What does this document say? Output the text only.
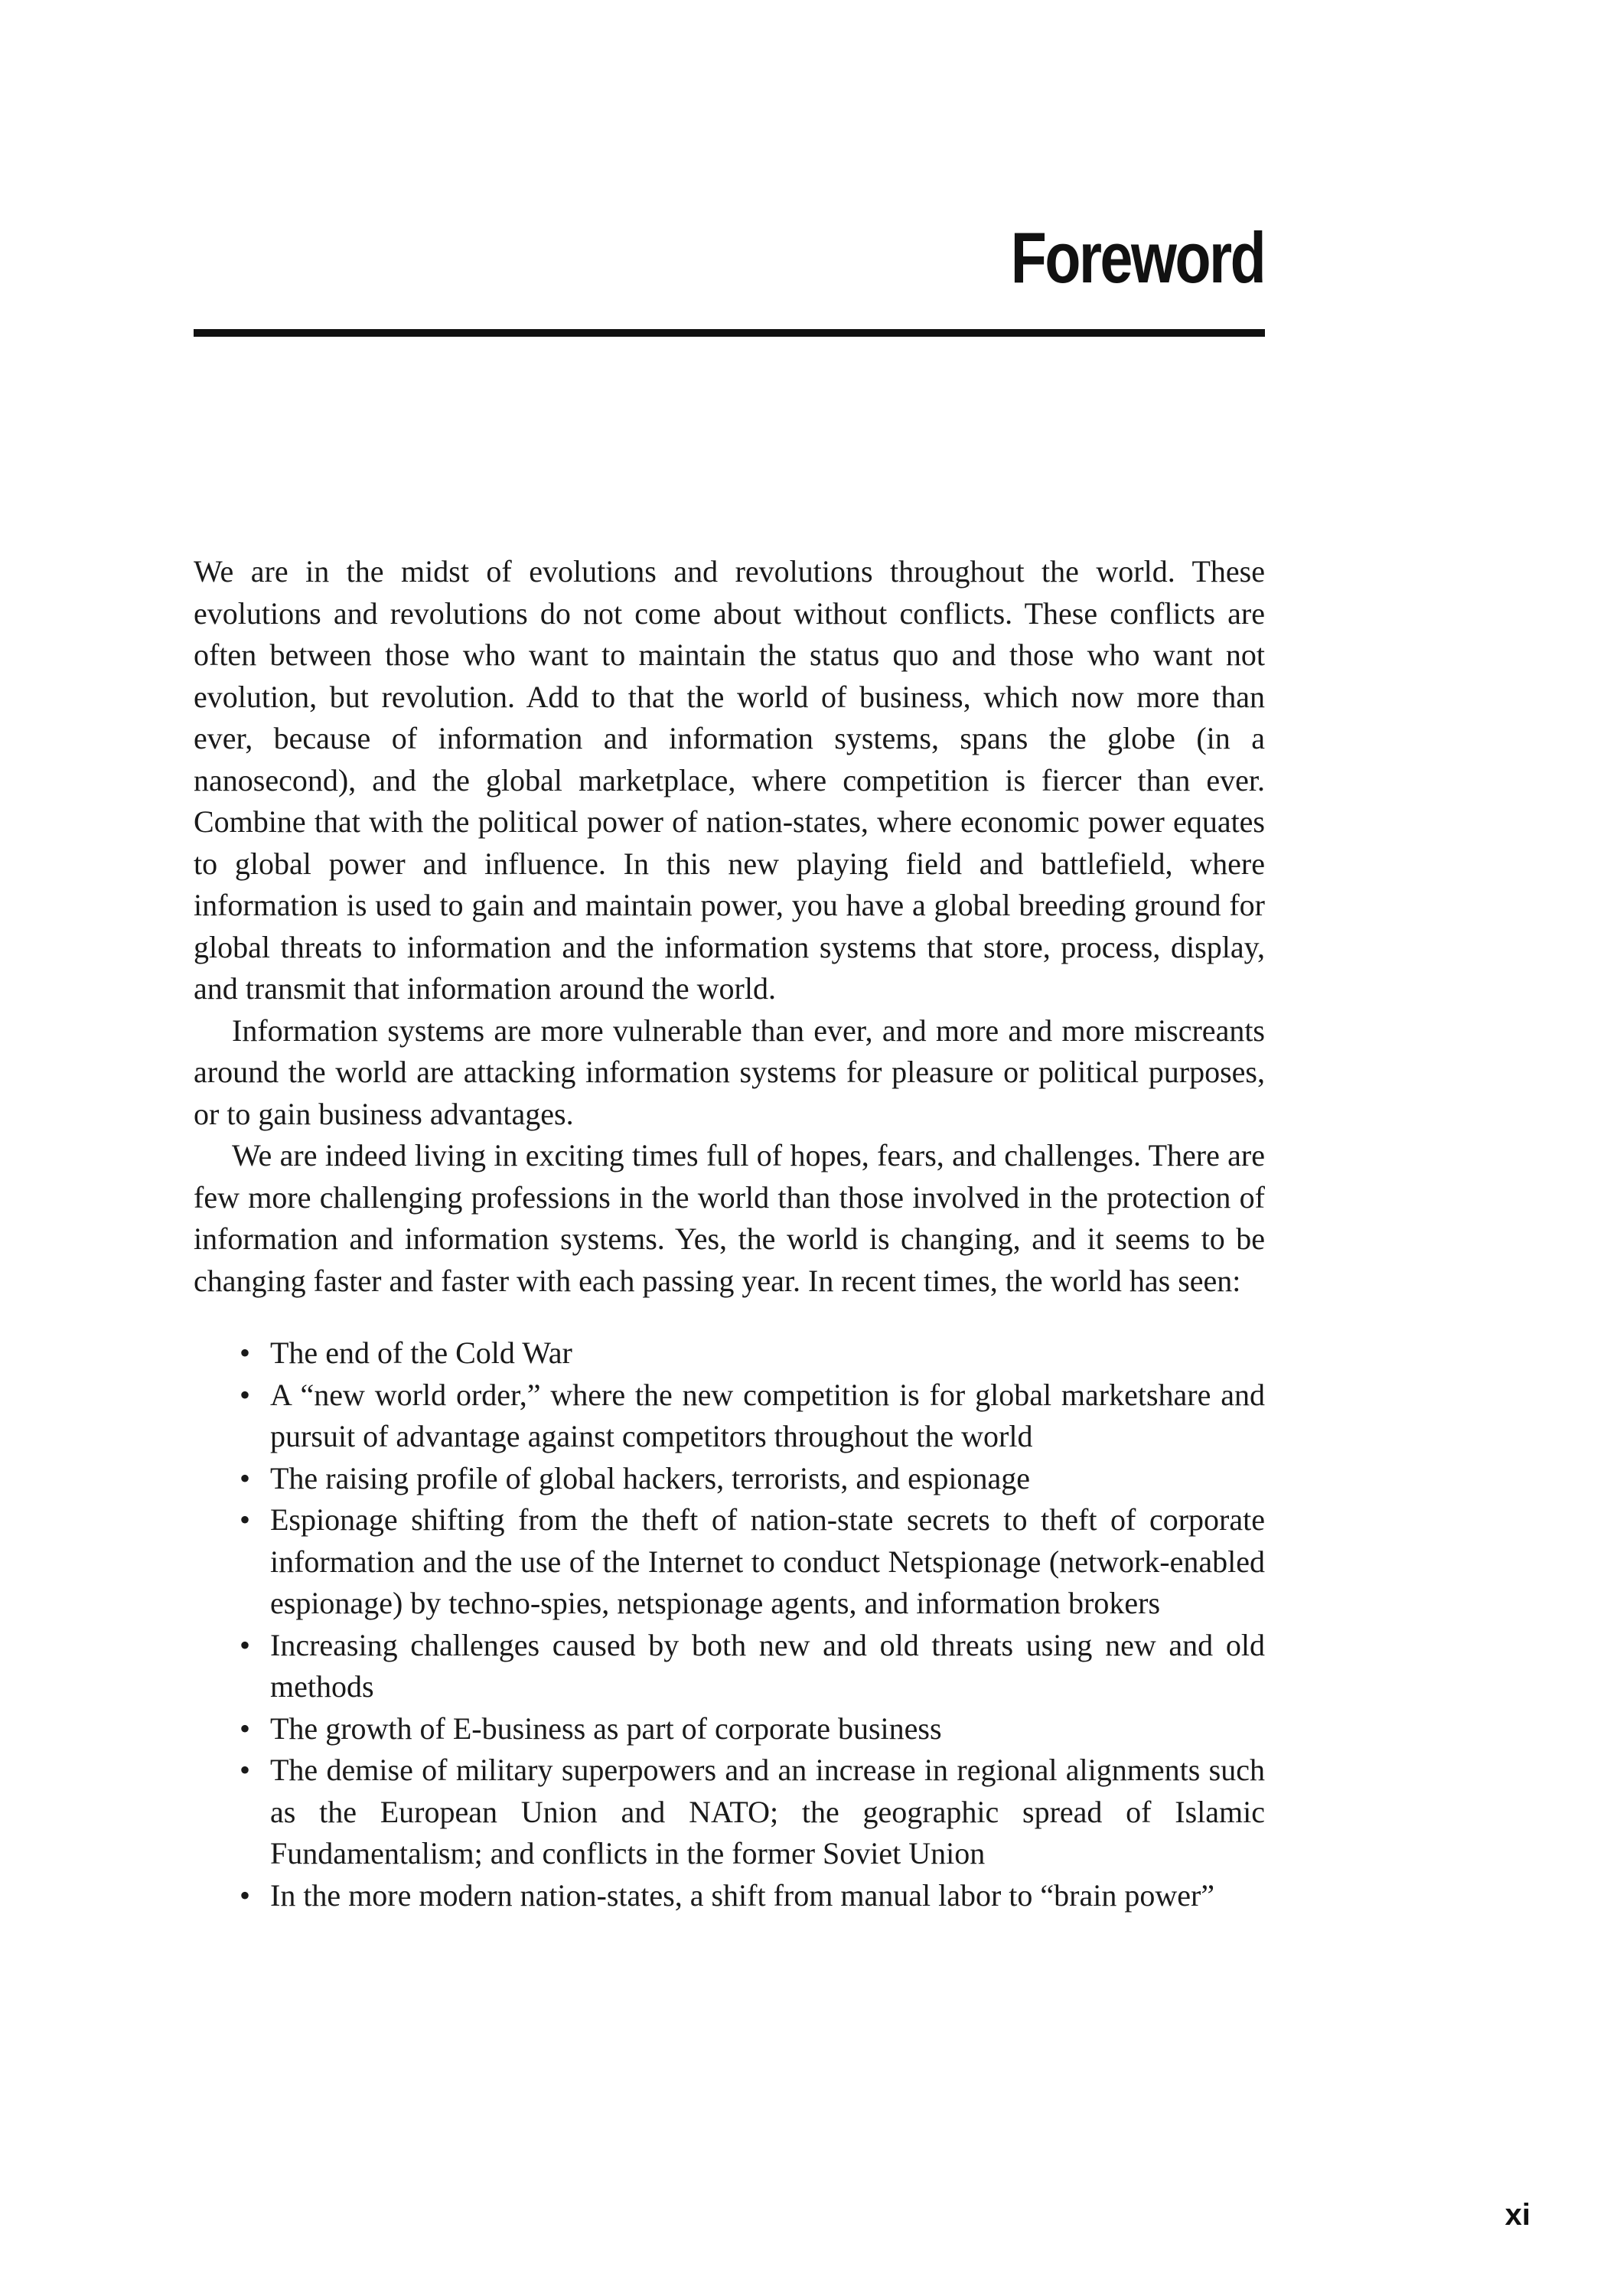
Foreword

We are in the midst of evolutions and revolutions throughout the world. These evolutions and revolutions do not come about without conflicts. These conflicts are often between those who want to maintain the status quo and those who want not evolution, but revolution. Add to that the world of business, which now more than ever, because of information and information systems, spans the globe (in a nanosecond), and the global marketplace, where competition is fiercer than ever. Combine that with the political power of nation-states, where economic power equates to global power and influence. In this new playing field and battlefield, where information is used to gain and maintain power, you have a global breeding ground for global threats to information and the information systems that store, process, display, and transmit that information around the world.

Information systems are more vulnerable than ever, and more and more miscreants around the world are attacking information systems for pleasure or political purposes, or to gain business advantages.

We are indeed living in exciting times full of hopes, fears, and challenges. There are few more challenging professions in the world than those involved in the protection of information and information systems. Yes, the world is changing, and it seems to be changing faster and faster with each passing year. In recent times, the world has seen:

• The end of the Cold War
• A “new world order,” where the new competition is for global marketshare and pursuit of advantage against competitors throughout the world
• The raising profile of global hackers, terrorists, and espionage
• Espionage shifting from the theft of nation-state secrets to theft of corporate information and the use of the Internet to conduct Netspionage (network-enabled espionage) by techno-spies, netspionage agents, and information brokers
• Increasing challenges caused by both new and old threats using new and old methods
• The growth of E-business as part of corporate business
• The demise of military superpowers and an increase in regional alignments such as the European Union and NATO; the geographic spread of Islamic Fundamentalism; and conflicts in the former Soviet Union
• In the more modern nation-states, a shift from manual labor to “brain power”
xi
